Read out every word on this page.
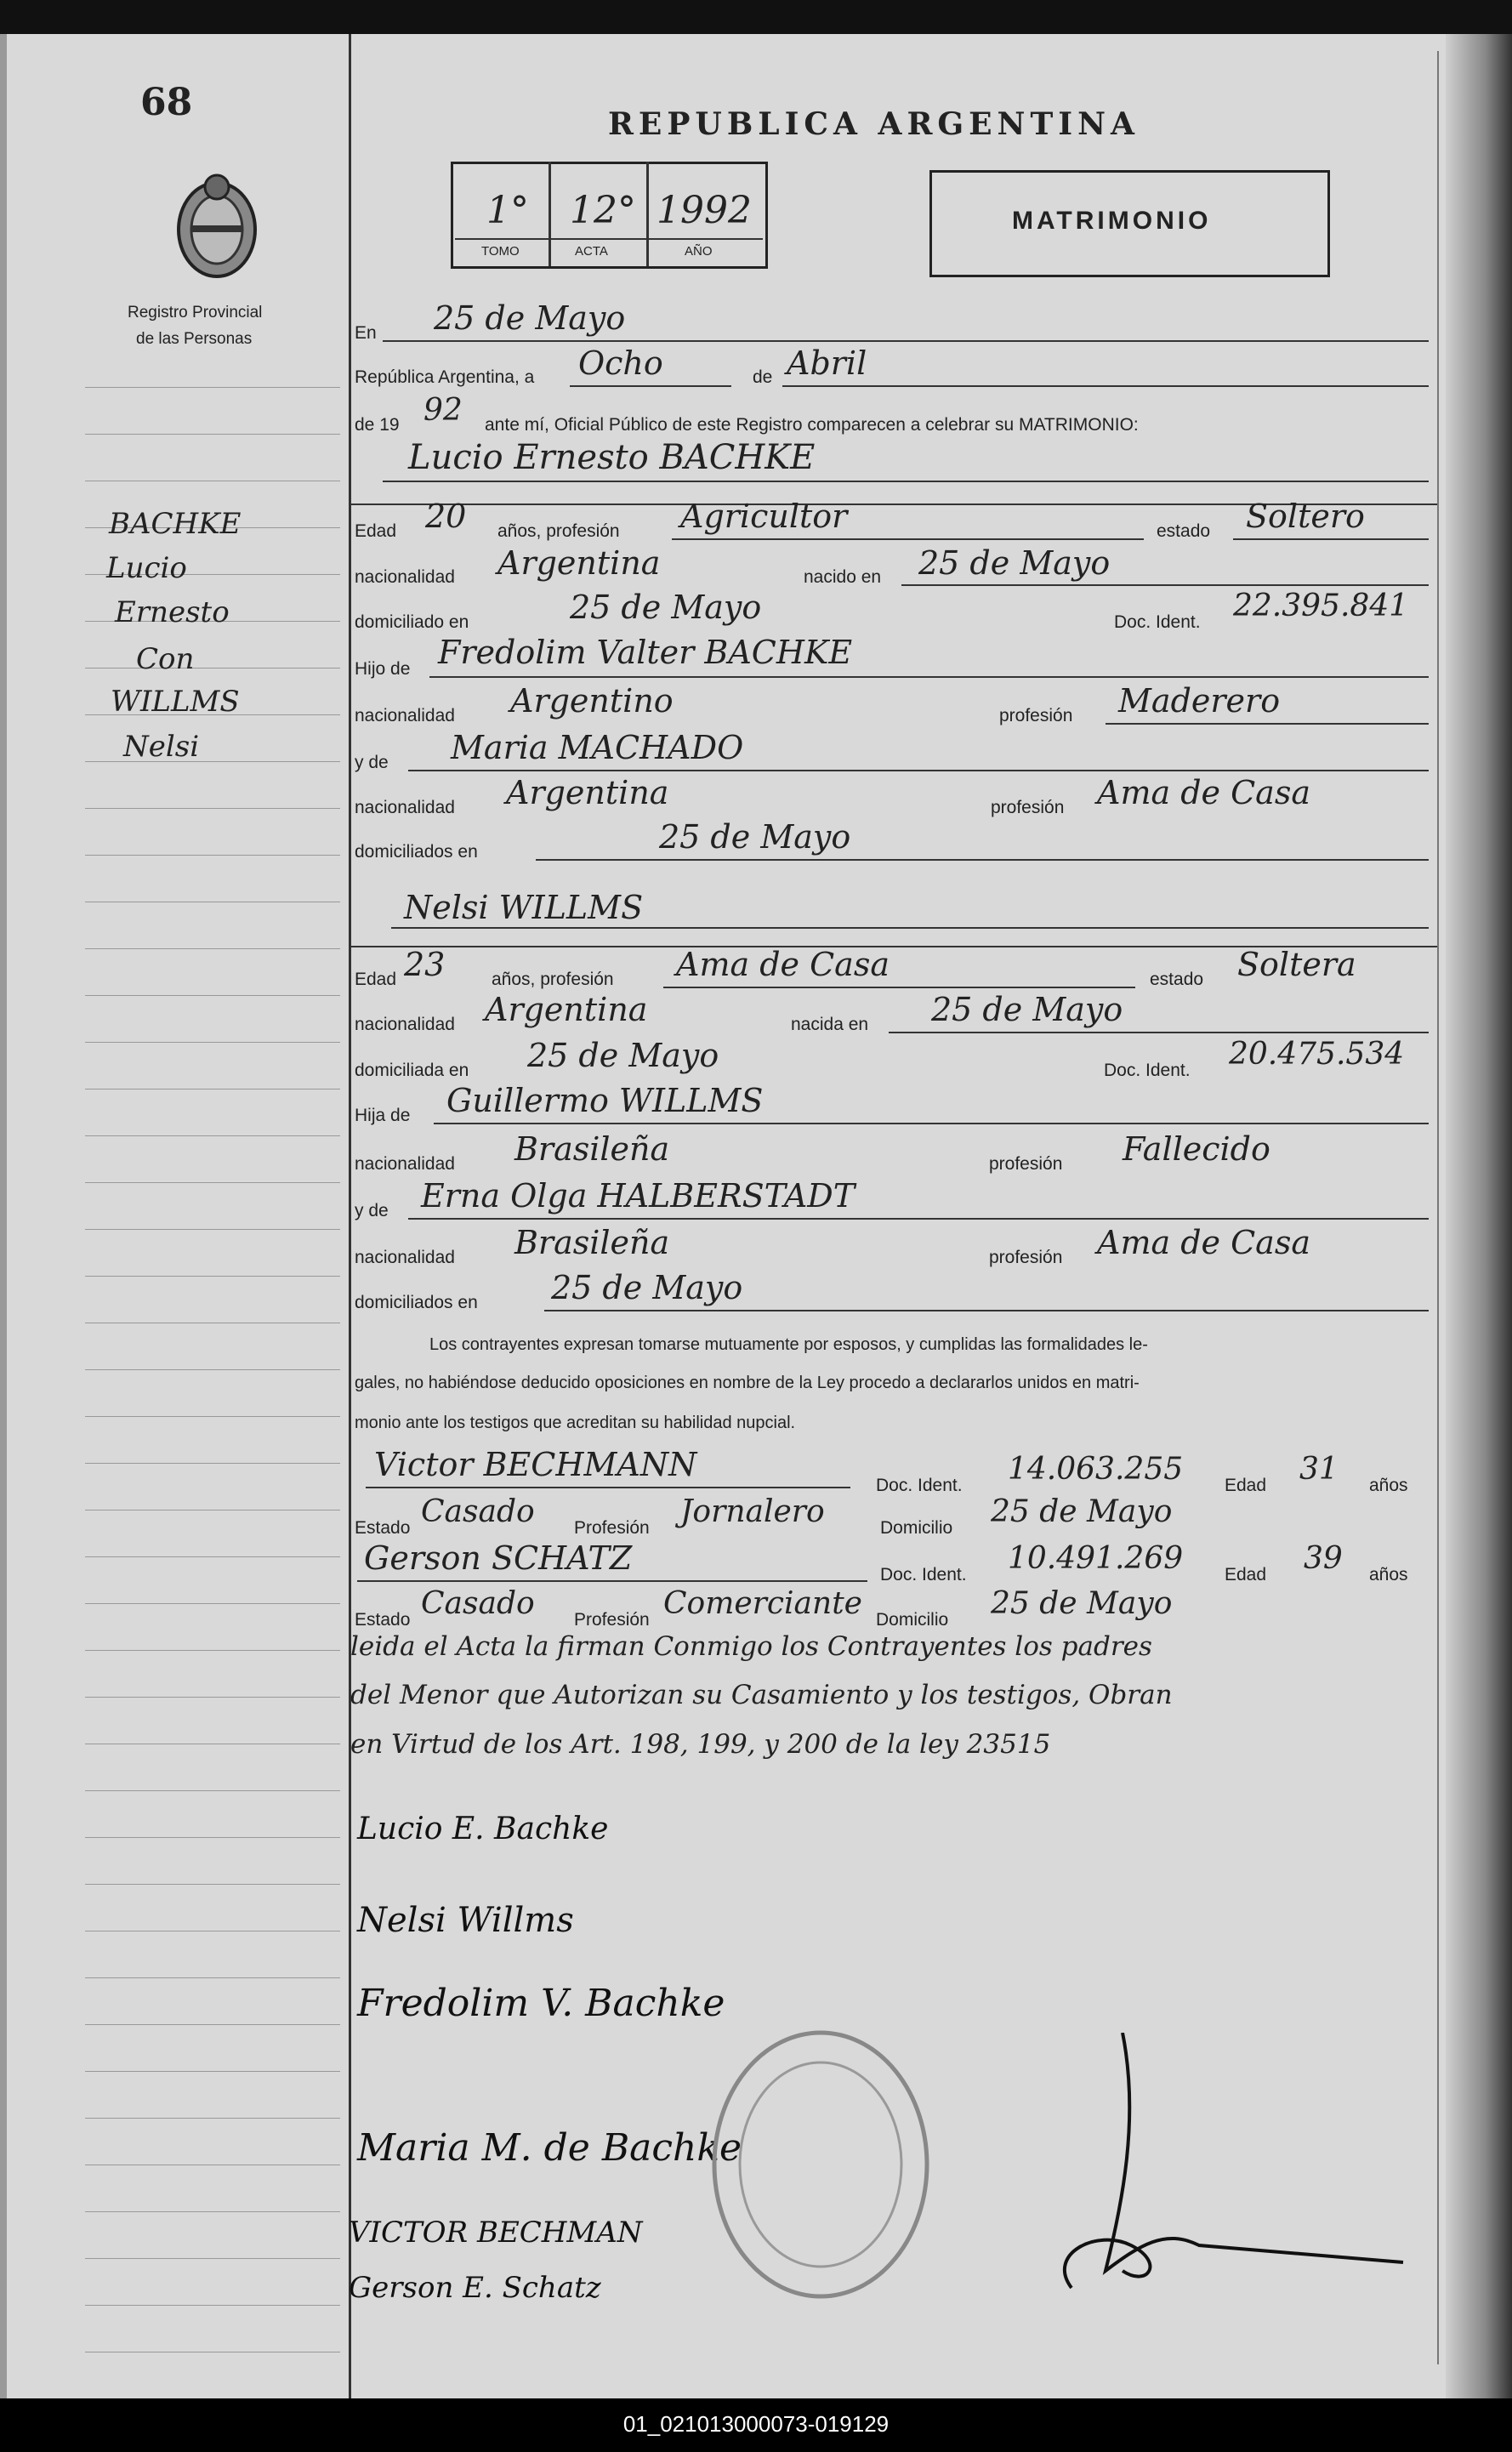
68
Registro Provincial
de las Personas
REPUBLICA ARGENTINA
1° 12° 1992
TOMO	ACTA	AÑO
MATRIMONIO
BACHKE
Lucio
Ernesto
Con
WILLMS
Nelsi
En 25 de Mayo
República Argentina, a Ocho	de Abril
de 19 92 ante mí, Oficial Público de este Registro comparecen a celebrar su MATRIMONIO:
Lucio Ernesto BACHKE
Edad 20 años, profesión Agricultor	estado Soltero
nacionalidad Argentina	nacido en 25 de Mayo
domiciliado en	25 de Mayo	Doc. Ident. 22.395.841
Hijo de Fredolim Valter BACHKE
nacionalidad Argentino	profesión Maderero
y de Maria MACHADO
nacionalidad Argentina	profesión Ama de Casa
domiciliados en	25 de Mayo
Nelsi WILLMS
Edad 23	años, profesión Ama de Casa	estado Soltera
nacionalidad Argentina	nacida en 25 de Mayo
domiciliada en 25 de Mayo	Doc. Ident. 20.475.534
Hija de Guillermo WILLMS
nacionalidad Brasileña	profesión Fallecido
y de Erna Olga HALBERSTADT
nacionalidad Brasileña	profesión Ama de Casa
domiciliados en 25 de Mayo
Los contrayentes expresan tomarse mutuamente por esposos, y cumplidas las formalidades le-
gales, no habiéndose deducido oposiciones en nombre de la Ley procedo a declararlos unidos en matri-
monio ante los testigos que acreditan su habilidad nupcial.
Victor BECHMANN
Doc. Ident. 14.063.255 Edad 31 años
Estado Casado Profesión Jornalero	Domicilio 25 de Mayo
Gerson SCHATZ	Doc. Ident. 10.491.269 Edad 39 años
Estado Casado Profesión Comerciante Domicilio 25 de Mayo
leida el Acta la firman Conmigo los Contrayentes los padres
del Menor que Autorizan su Casamiento y los testigos, Obran
en Virtud de los Art. 198, 199, y 200 de la ley 23515
Lucio E. Bachke
Nelsi Willms
Fredolim V. Bachke
Maria M. de Bachke
VICTOR BECHMAN
Gerson E. Schatz
01_021013000073-019129
